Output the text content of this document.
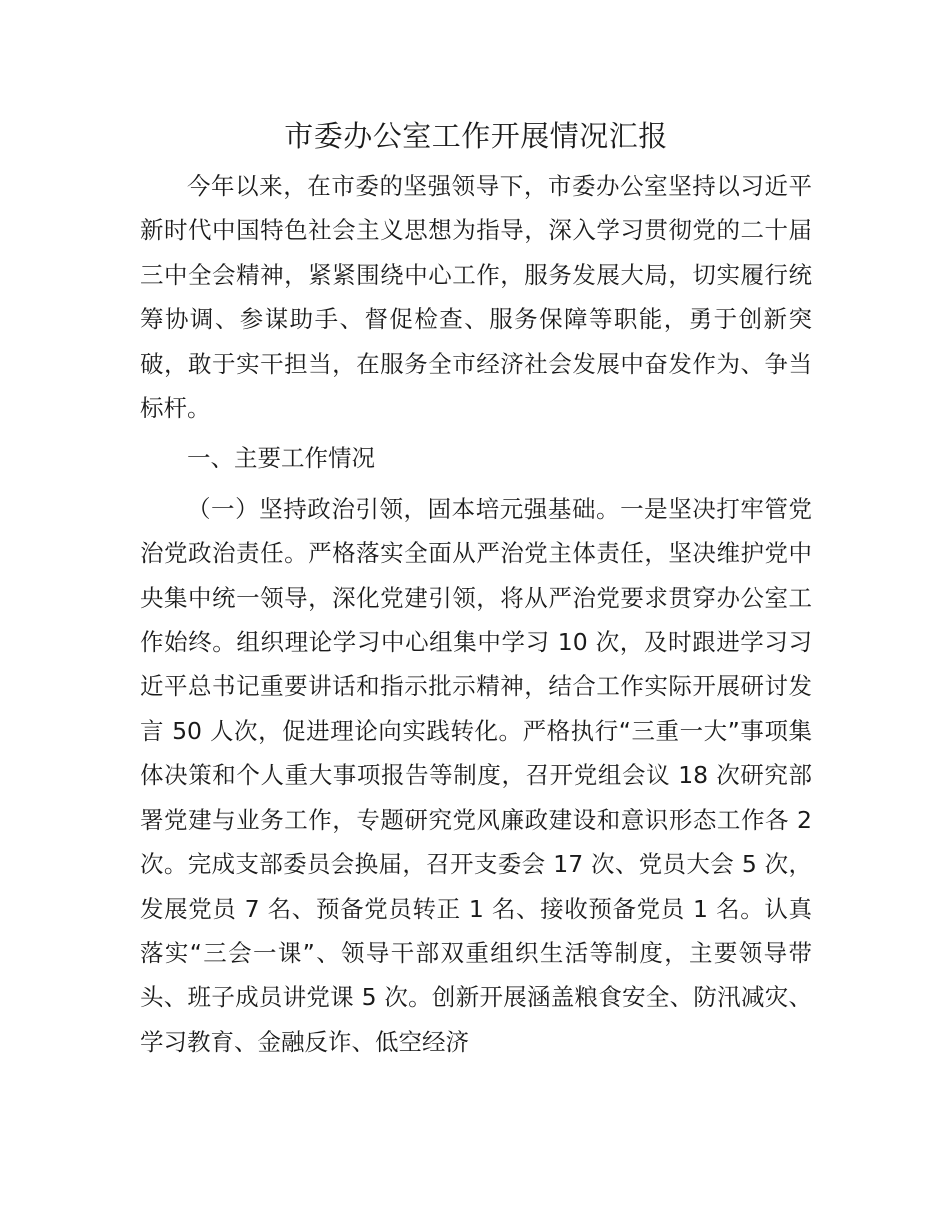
市委办公室工作开展情况汇报

今年以来，在市委的坚强领导下，市委办公室坚持以习近平新时代中国特色社会主义思想为指导，深入学习贯彻党的二十届三中全会精神，紧紧围绕中心工作，服务发展大局，切实履行统筹协调、参谋助手、督促检查、服务保障等职能，勇于创新突破，敢于实干担当，在服务全市经济社会发展中奋发作为、争当标杆。

一、主要工作情况

（一）坚持政治引领，固本培元强基础。一是坚决打牢管党治党政治责任。严格落实全面从严治党主体责任，坚决维护党中央集中统一领导，深化党建引领，将从严治党要求贯穿办公室工作始终。组织理论学习中心组集中学习 10 次，及时跟进学习习近平总书记重要讲话和指示批示精神，结合工作实际开展研讨发言 50 人次，促进理论向实践转化。严格执行“三重一大”事项集体决策和个人重大事项报告等制度，召开党组会议 18 次研究部署党建与业务工作，专题研究党风廉政建设和意识形态工作各 2 次。完成支部委员会换届，召开支委会 17 次、党员大会 5 次，发展党员 7 名、预备党员转正 1 名、接收预备党员 1 名。认真落实“三会一课”、领导干部双重组织生活等制度，主要领导带头、班子成员讲党课 5 次。创新开展涵盖粮食安全、防汛减灾、学习教育、金融反诈、低空经济
